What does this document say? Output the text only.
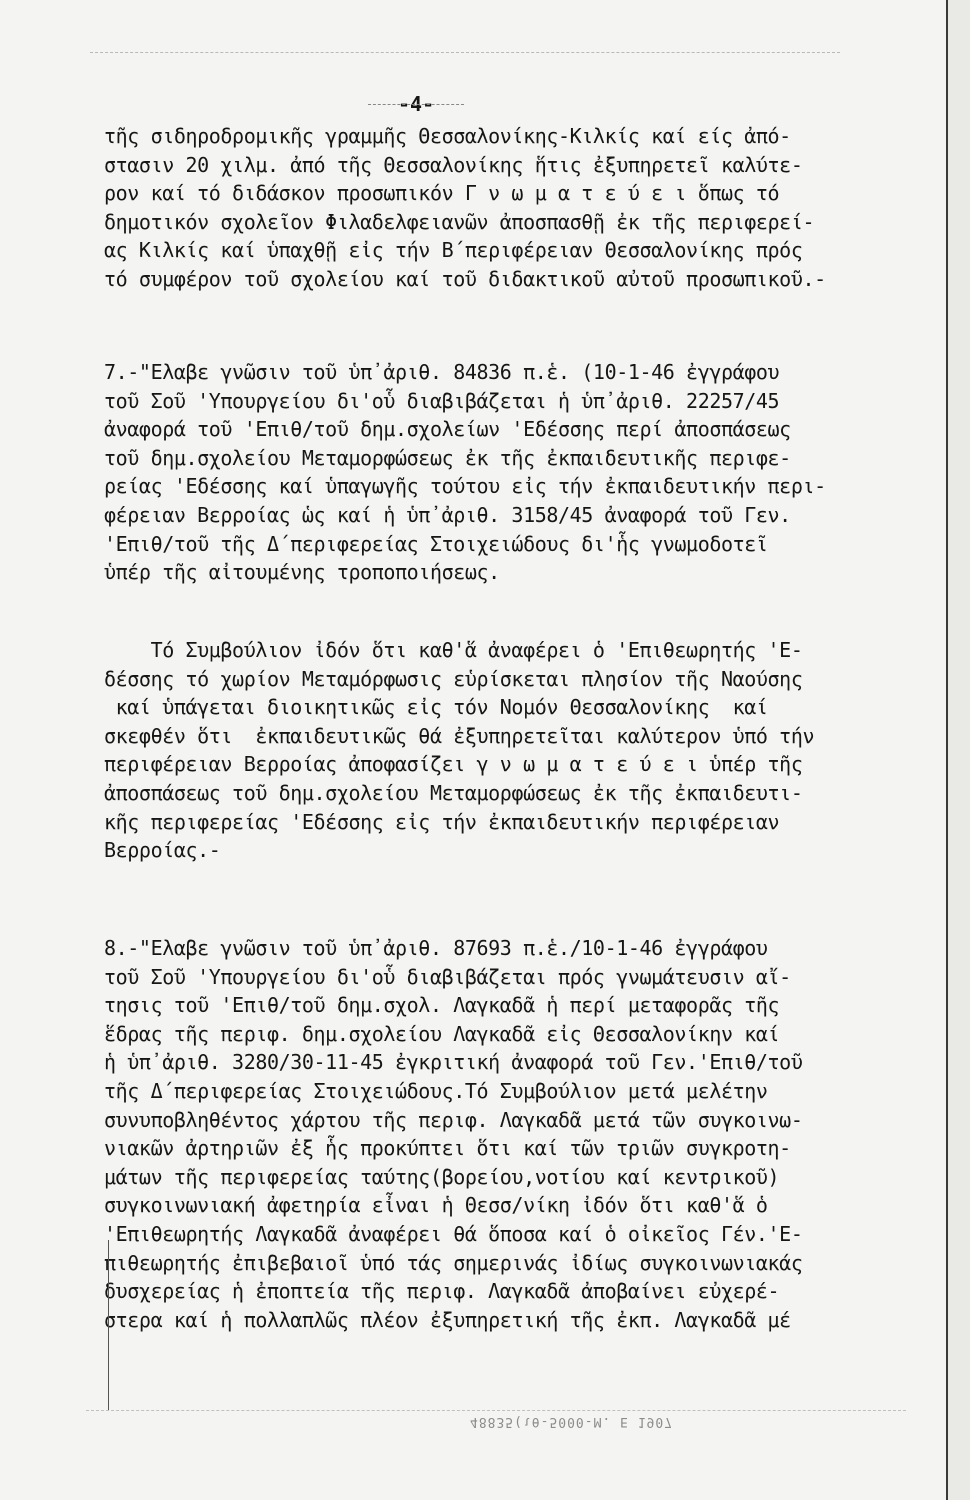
-4-
τῆς σιδηροδρομικῆς γραμμῆς Θεσσαλονίκης-Κιλκίς καί είς ἀπό-
στασιν 20 χιλμ. ἀπό τῆς Θεσσαλονίκης ἥτις ἐξυπηρετεῖ καλύτε-
ρον καί τό διδάσκον προσωπικόν Γ ν ω μ α τ ε ύ ε ι ὅπως τό
δημοτικόν σχολεῖον Φιλαδελφειανῶν ἀποσπασθῇ ἐκ τῆς περιφερεί-
ας Κιλκίς καί ὑπαχθῇ εἰς τήν Β΄περιφέρειαν Θεσσαλονίκης πρός
τό συμφέρον τοῦ σχολείου καί τοῦ διδακτικοῦ αὐτοῦ προσωπικοῦ.-
7.-"Ελαβε γνῶσιν τοῦ ὑπ᾿ἀριθ. 84836 π.ἑ. (10-1-46 ἐγγράφου
τοῦ Σοῦ 'Υπουργείου δι'οὗ διαβιβάζεται ἡ ὑπ᾿ἀριθ. 22257/45
ἀναφορά τοῦ 'Επιθ/τοῦ δημ.σχολείων 'Εδέσσης περί ἀποσπάσεως
τοῦ δημ.σχολείου Μεταμορφώσεως ἐκ τῆς ἐκπαιδευτικῆς περιφε-
ρείας 'Εδέσσης καί ὑπαγωγῆς τούτου εἰς τήν ἐκπαιδευτικήν περι-
φέρειαν Βερροίας ὡς καί ἡ ὑπ᾿ἀριθ. 3158/45 ἀναφορά τοῦ Γεν.
'Επιθ/τοῦ τῆς Δ΄περιφερείας Στοιχειώδους δι'ἧς γνωμοδοτεῖ
ὑπέρ τῆς αἰτουμένης τροποποιήσεως.
Τό Συμβούλιον ἰδόν ὅτι καθ'ἅ ἀναφέρει ὁ 'Επιθεωρητής 'Ε-
δέσσης τό χωρίον Μεταμόρφωσις εὑρίσκεται πλησίον τῆς Ναούσης
καί ὑπάγεται διοικητικῶς εἰς τόν Νομόν Θεσσαλονίκης  καί
σκεφθέν ὅτι  ἐκπαιδευτικῶς θά ἐξυπηρετεῖται καλύτερον ὑπό τήν
περιφέρειαν Βερροίας ἀποφασίζει γ ν ω μ α τ ε ύ ε ι ὑπέρ τῆς
ἀποσπάσεως τοῦ δημ.σχολείου Μεταμορφώσεως ἐκ τῆς ἐκπαιδευτι-
κῆς περιφερείας 'Εδέσσης εἰς τήν ἐκπαιδευτικήν περιφέρειαν
Βερροίας.-
8.-"Ελαβε γνῶσιν τοῦ ὑπ᾿ἀριθ. 87693 π.ἑ./10-1-46 ἐγγράφου
τοῦ Σοῦ 'Υπουργείου δι'οὗ διαβιβάζεται πρός γνωμάτευσιν αἴ-
τησις τοῦ 'Επιθ/τοῦ δημ.σχολ. Λαγκαδᾶ ἡ περί μεταφορᾶς τῆς
ἕδρας τῆς περιφ. δημ.σχολείου Λαγκαδᾶ εἰς Θεσσαλονίκην καί
ἡ ὑπ᾿ἀριθ. 3280/30-11-45 ἐγκριτική ἀναφορά τοῦ Γεν.'Επιθ/τοῦ
τῆς Δ΄περιφερείας Στοιχειώδους.Τό Συμβούλιον μετά μελέτην
συνυποβληθέντος χάρτου τῆς περιφ. Λαγκαδᾶ μετά τῶν συγκοινω-
νιακῶν ἀρτηριῶν ἐξ ἧς προκύπτει ὅτι καί τῶν τριῶν συγκροτη-
μάτων τῆς περιφερείας ταύτης(βορείου,νοτίου καί κεντρικοῦ)
συγκοινωνιακή ἀφετηρία εἶναι ἡ Θεσσ/νίκη ἰδόν ὅτι καθ'ἅ ὁ
'Επιθεωρητής Λαγκαδᾶ ἀναφέρει θά ὅποσα καί ὁ οἰκεῖος Γέν.'Ε-
πιθεωρητής ἐπιβεβαιοῖ ὑπό τάς σημερινάς ἰδίως συγκοινωνιακάς
δυσχερείας ἡ ἐποπτεία τῆς περιφ. Λαγκαδᾶ ἀποβαίνει εὐχερέ-
στερα καί ἡ πολλαπλῶς πλέον ἐξυπηρετική τῆς ἐκπ. Λαγκαδᾶ μέ
48835(ιθ-5000-Μ. Ε 1907
